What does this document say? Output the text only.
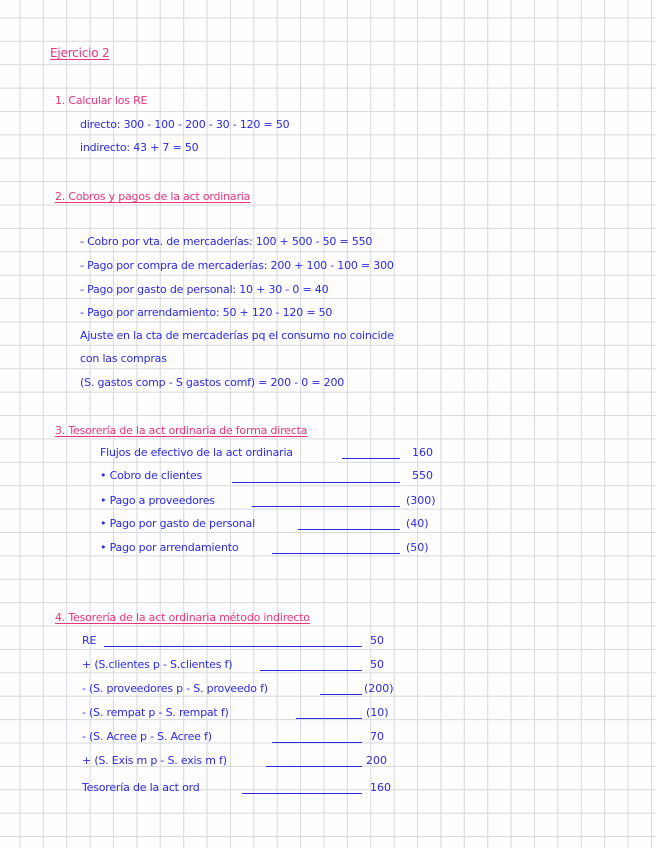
Ejercicio 2
1. Calcular los RE
directo: 300 - 100 - 200 - 30 - 120 = 50
indirecto: 43 + 7 = 50
2. Cobros y pagos de la act ordinaria
- Cobro por vta. de mercaderías: 100 + 500 - 50 = 550
- Pago por compra de mercaderías: 200 + 100 - 100 = 300
- Pago por gasto de personal: 10 + 30 - 0 = 40
- Pago por arrendamiento: 50 + 120 - 120 = 50
Ajuste en la cta de mercaderías pq el consumo no coincide
con las compras
(S. gastos comp - S gastos comf) = 200 - 0 = 200
3. Tesorería de la act ordinaria de forma directa
Flujos de efectivo de la act ordinaria	160
• Cobro de clientes	550
• Pago a proveedores	(300)
• Pago por gasto de personal	(40)
• Pago por arrendamiento	(50)
4. Tesorería de la act ordinaria método indirecto
RE	50
+ (S.clientes p - S.clientes f)	50
- (S. proveedores p - S. proveedo f)	(200)
- (S. rempat p - S. rempat f)	(10)
- (S. Acree p - S. Acree f)	70
+ (S. Exis m p - S. exis m f)	200
Tesorería de la act ord	160
